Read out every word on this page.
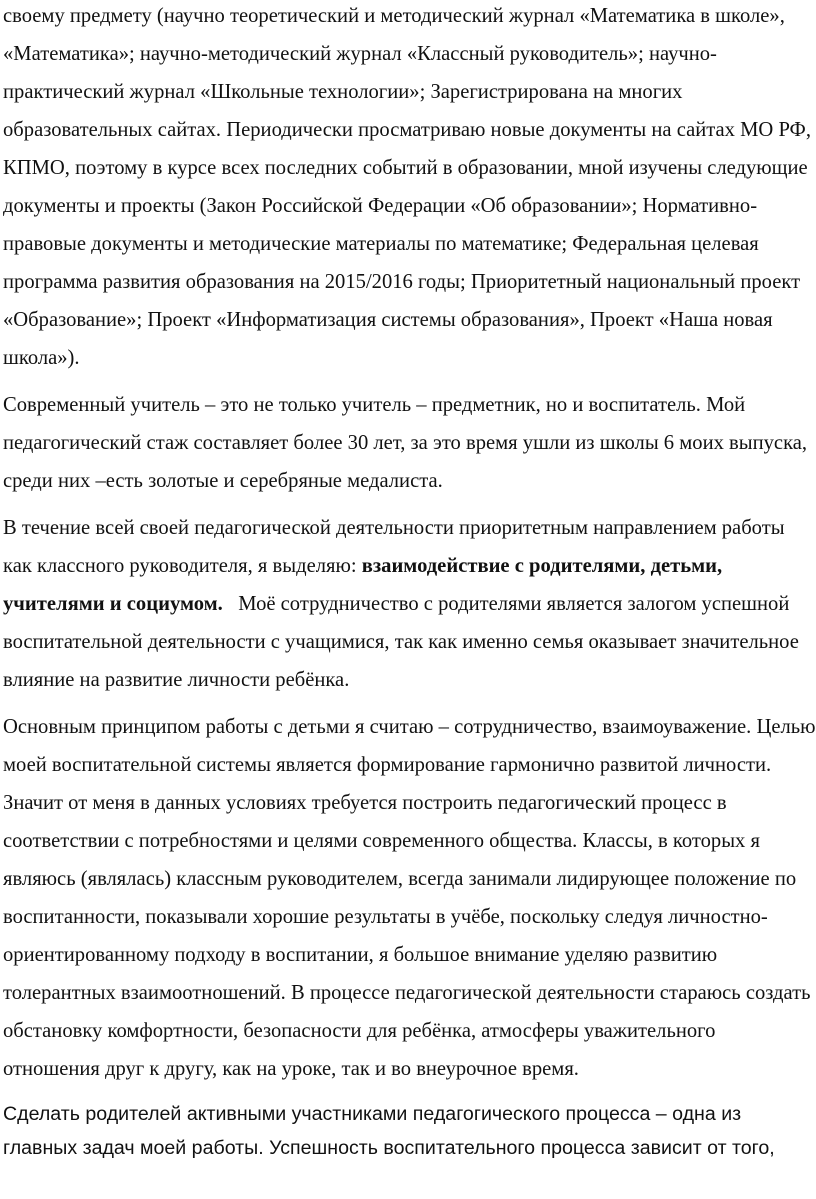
своему предмету (научно теоретический и методический журнал «Математика в школе», «Математика»; научно-методический журнал «Классный руководитель»; научно-практический журнал «Школьные технологии»; Зарегистрирована на многих образовательных сайтах. Периодически просматриваю новые документы на сайтах МО РФ, КПМО, поэтому в курсе всех последних событий в образовании, мной изучены следующие документы и проекты (Закон Российской Федерации «Об образовании»; Нормативно-правовые документы и методические материалы по математике; Федеральная целевая программа развития образования на 2015/2016 годы; Приоритетный национальный проект «Образование»; Проект «Информатизация системы образования», Проект «Наша новая школа»).

Современный учитель – это не только учитель – предметник, но и воспитатель. Мой педагогический стаж составляет более 30 лет, за это время ушли из школы 6 моих выпуска, среди них –есть золотые и серебряные медалиста.

В течение всей своей педагогической деятельности приоритетным направлением работы как классного руководителя, я выделяю: взаимодействие с родителями, детьми, учителями и социумом.   Моё сотрудничество с родителями является залогом успешной воспитательной деятельности с учащимися, так как именно семья оказывает значительное влияние на развитие личности ребёнка.

Основным принципом работы с детьми я считаю – сотрудничество, взаимоуважение. Целью моей воспитательной системы является формирование гармонично развитой личности. Значит от меня в данных условиях требуется построить педагогический процесс в соответствии с потребностями и целями современного общества. Классы, в которых я являюсь (являлась) классным руководителем, всегда занимали лидирующее положение по воспитанности, показывали хорошие результаты в учёбе, поскольку следуя личностно-ориентированному подходу в воспитании, я большое внимание уделяю развитию толерантных взаимоотношений. В процессе педагогической деятельности стараюсь создать обстановку комфортности, безопасности для ребёнка, атмосферы уважительного отношения друг к другу, как на уроке, так и во внеурочное время.

Сделать родителей активными участниками педагогического процесса – одна из главных задач моей работы. Успешность воспитательного процесса зависит от того,
